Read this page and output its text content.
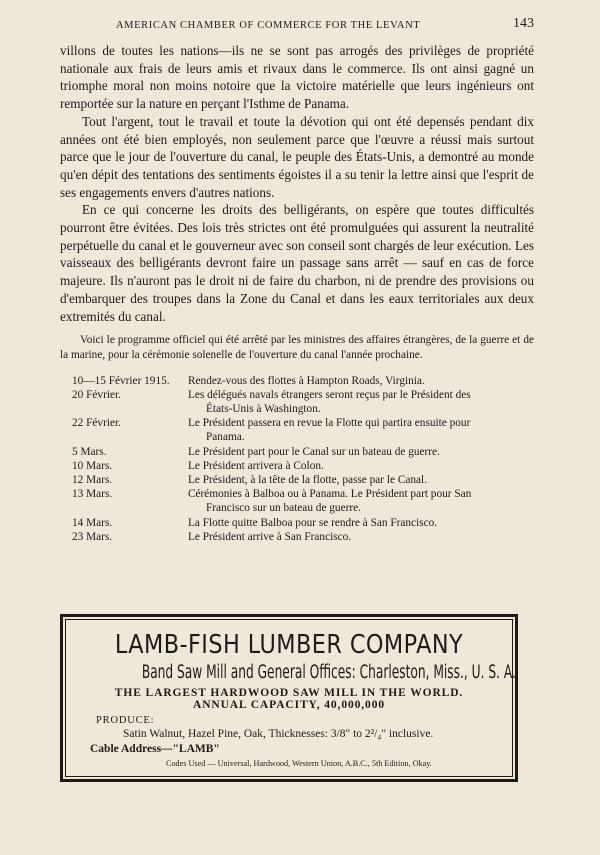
AMERICAN CHAMBER OF COMMERCE FOR THE LEVANT	143

villons de toutes les nations—ils ne se sont pas arrogés des privilèges de propriété nationale aux frais de leurs amis et rivaux dans le commerce. Ils ont ainsi gagné un triomphe moral non moins notoire que la victoire matérielle que leurs ingénieurs ont remportée sur la nature en perçant l'Isthme de Panama.

Tout l'argent, tout le travail et toute la dévotion qui ont été depensés pendant dix années ont été bien employés, non seulement parce que l'œuvre a réussi mais surtout parce que le jour de l'ouverture du canal, le peuple des États-Unis, a demontré au monde qu'en dépit des tentations des sentiments égoistes il a su tenir la lettre ainsi que l'esprit de ses engagements envers d'autres nations.

En ce qui concerne les droits des belligérants, on espère que toutes difficultés pourront être évitées. Des lois très strictes ont été promulguées qui assurent la neutralité perpétuelle du canal et le gouverneur avec son conseil sont chargés de leur exécution. Les vaisseaux des belligérants devront faire un passage sans arrêt — sauf en cas de force majeure. Ils n'auront pas le droit ni de faire du charbon, ni de prendre des provisions ou d'embarquer des troupes dans la Zone du Canal et dans les eaux territoriales aux deux extremités du canal.

Voici le programme officiel qui été arrêté par les ministres des affaires étrangères, de la guerre et de la marine, pour la cérémonie solenelle de l'ouverture du canal l'année prochaine.

10—15 Février 1915.	Rendez-vous des flottes à Hampton Roads, Virginia.
20 Février.	Les délégués navals étrangers seront reçus par le Président des
États-Unis à Washington.
22 Février.	Le Président passera en revue la Flotte qui partira ensuite pour
Panama.
5 Mars.	Le Président part pour le Canal sur un bateau de guerre.
10 Mars.	Le Président arrivera à Colon.
12 Mars.	Le Président, à la tête de la flotte, passe par le Canal.
13 Mars.	Cérémonies à Balboa ou à Panama. Le Président part pour San
Francisco sur un bateau de guerre.
14 Mars.	La Flotte quitte Balboa pour se rendre à San Francisco.
23 Mars.	Le Président arrive à San Francisco.
LAMB-FISH LUMBER COMPANY
Band Saw Mill and General Offices: Charleston, Miss., U. S. A.
THE LARGEST HARDWOOD SAW MILL IN THE WORLD.
ANNUAL CAPACITY, 40,000,000
PRODUCE:
Satin Walnut, Hazel Pine, Oak, Thicknesses: 3/8" to 2²/₄" inclusive.
Cable Address—"LAMB"
Codes Used — Universal, Hardwood, Western Union, A.B.C., 5th Edition, Okay.
